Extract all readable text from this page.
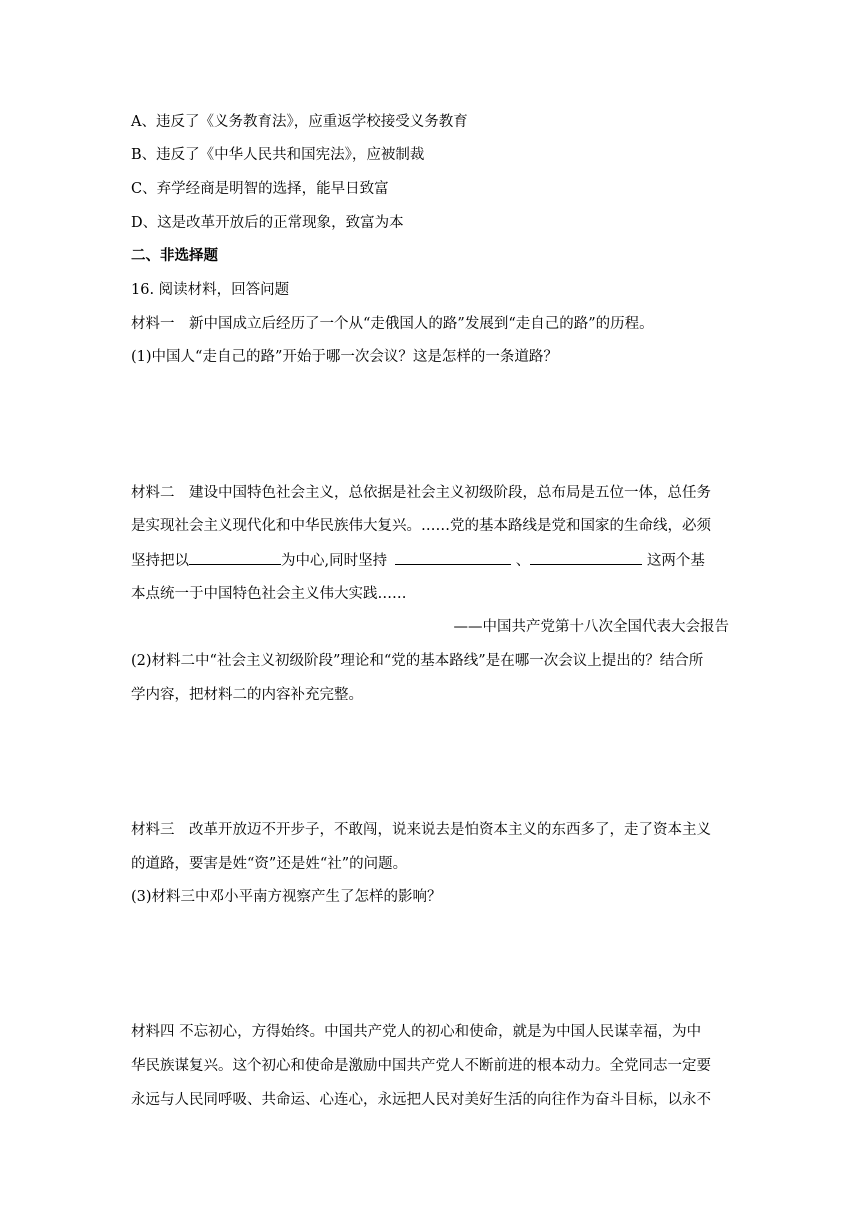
A、违反了《义务教育法》，应重返学校接受义务教育
B、违反了《中华人民共和国宪法》，应被制裁
C、弃学经商是明智的选择，能早日致富
D、这是改革开放后的正常现象，致富为本
二、非选择题
16. 阅读材料，回答问题
材料一　新中国成立后经历了一个从“走俄国人的路”发展到“走自己的路”的历程。
(1)中国人“走自己的路”开始于哪一次会议？这是怎样的一条道路？
材料二　建设中国特色社会主义，总依据是社会主义初级阶段，总布局是五位一体，总任务
是实现社会主义现代化和中华民族伟大复兴。……党的基本路线是党和国家的生命线，必须
坚持把以	为中心,同时坚持	、	这两个基
本点统一于中国特色社会主义伟大实践……
——中国共产党第十八次全国代表大会报告
(2)材料二中“社会主义初级阶段”理论和“党的基本路线”是在哪一次会议上提出的？结合所
学内容，把材料二的内容补充完整。
材料三　改革开放迈不开步子，不敢闯，说来说去是怕资本主义的东西多了，走了资本主义
的道路，要害是姓“资”还是姓“社”的问题。
(3)材料三中邓小平南方视察产生了怎样的影响？
材料四 不忘初心，方得始终。中国共产党人的初心和使命，就是为中国人民谋幸福，为中
华民族谋复兴。这个初心和使命是激励中国共产党人不断前进的根本动力。全党同志一定要
永远与人民同呼吸、共命运、心连心，永远把人民对美好生活的向往作为奋斗目标，以永不
